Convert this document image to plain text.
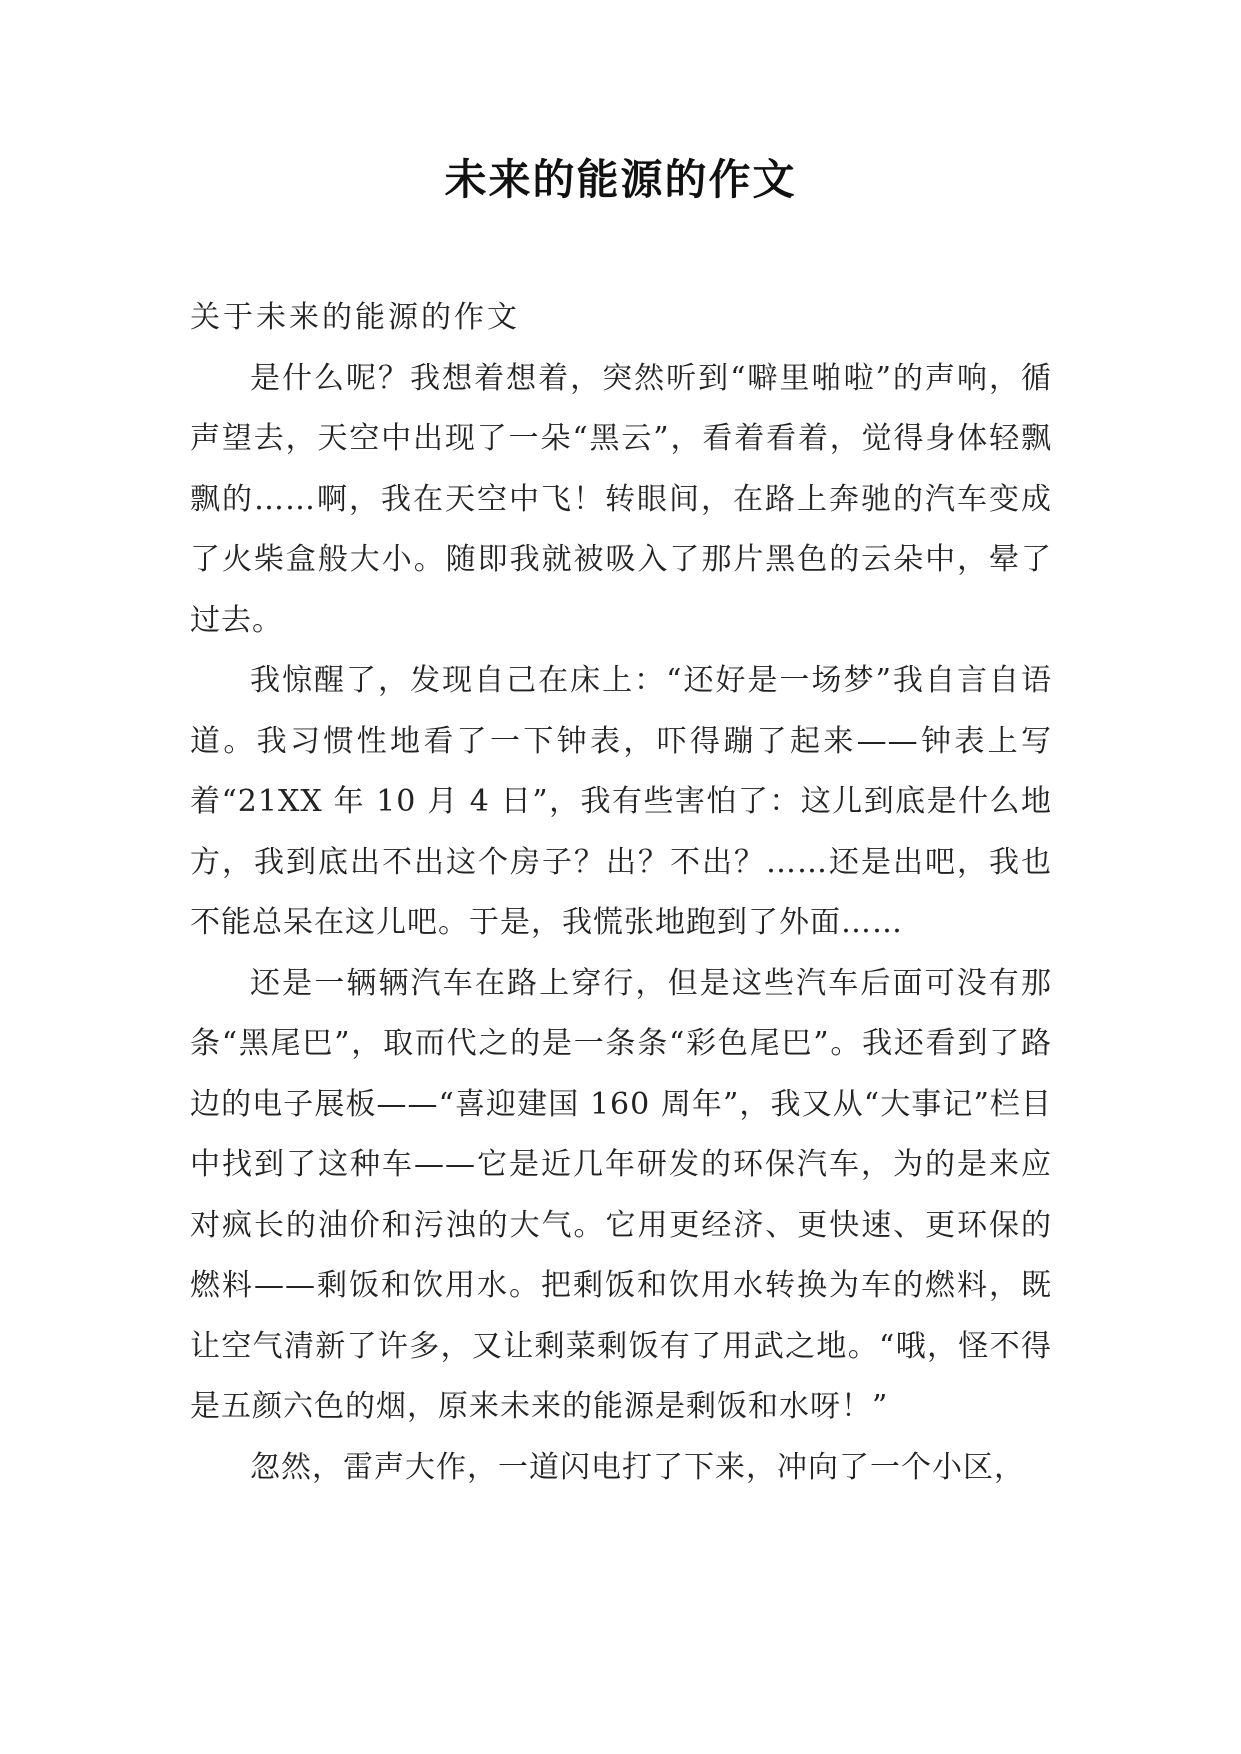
未来的能源的作文

关于未来的能源的作文

是什么呢？我想着想着，突然听到“噼里啪啦”的声响，循声望去，天空中出现了一朵“黑云”，看着看着，觉得身体轻飘飘的……啊，我在天空中飞！转眼间，在路上奔驰的汽车变成了火柴盒般大小。随即我就被吸入了那片黑色的云朵中，晕了过去。

我惊醒了，发现自己在床上：“还好是一场梦”我自言自语道。我习惯性地看了一下钟表，吓得蹦了起来——钟表上写着“21XX 年 10 月 4 日”，我有些害怕了：这儿到底是什么地方，我到底出不出这个房子？出？不出？……还是出吧，我也不能总呆在这儿吧。于是，我慌张地跑到了外面……

还是一辆辆汽车在路上穿行，但是这些汽车后面可没有那条“黑尾巴”，取而代之的是一条条“彩色尾巴”。我还看到了路边的电子展板——“喜迎建国 160 周年”，我又从“大事记”栏目中找到了这种车——它是近几年研发的环保汽车，为的是来应对疯长的油价和污浊的大气。它用更经济、更快速、更环保的燃料——剩饭和饮用水。把剩饭和饮用水转换为车的燃料，既让空气清新了许多，又让剩菜剩饭有了用武之地。“哦，怪不得是五颜六色的烟，原来未来的能源是剩饭和水呀！”

忽然，雷声大作，一道闪电打了下来，冲向了一个小区，
